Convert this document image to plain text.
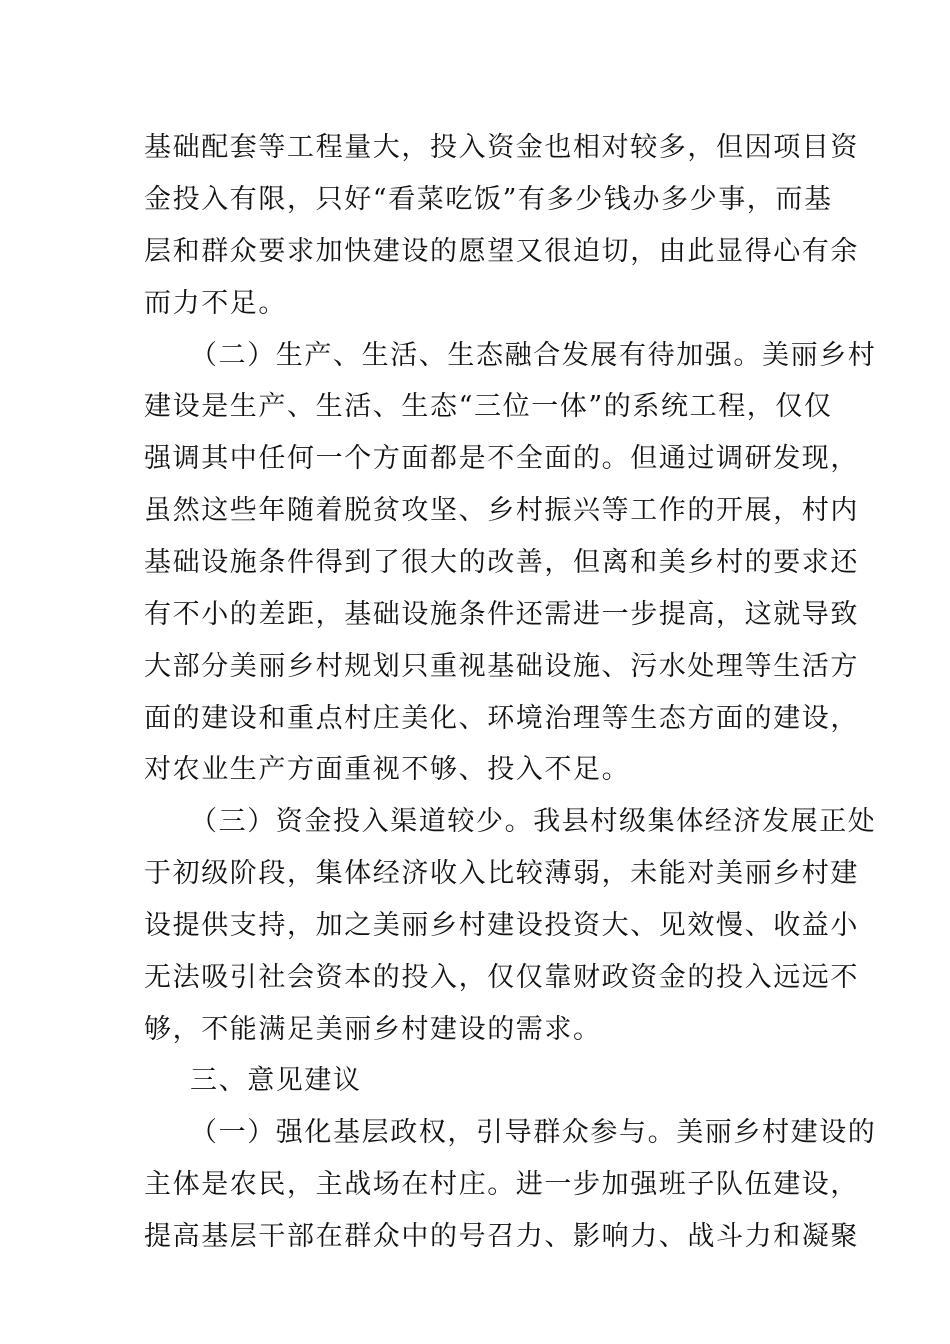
基础配套等工程量大，投入资金也相对较多，但因项目资
金投入有限，只好“看菜吃饭”有多少钱办多少事，而基
层和群众要求加快建设的愿望又很迫切，由此显得心有余
而力不足。
（二）生产、生活、生态融合发展有待加强。美丽乡村
建设是生产、生活、生态“三位一体”的系统工程，仅仅
强调其中任何一个方面都是不全面的。但通过调研发现，
虽然这些年随着脱贫攻坚、乡村振兴等工作的开展，村内
基础设施条件得到了很大的改善，但离和美乡村的要求还
有不小的差距，基础设施条件还需进一步提高，这就导致
大部分美丽乡村规划只重视基础设施、污水处理等生活方
面的建设和重点村庄美化、环境治理等生态方面的建设，
对农业生产方面重视不够、投入不足。
（三）资金投入渠道较少。我县村级集体经济发展正处
于初级阶段，集体经济收入比较薄弱，未能对美丽乡村建
设提供支持，加之美丽乡村建设投资大、见效慢、收益小
无法吸引社会资本的投入，仅仅靠财政资金的投入远远不
够，不能满足美丽乡村建设的需求。
三、意见建议
（一）强化基层政权，引导群众参与。美丽乡村建设的
主体是农民，主战场在村庄。进一步加强班子队伍建设，
提高基层干部在群众中的号召力、影响力、战斗力和凝聚
